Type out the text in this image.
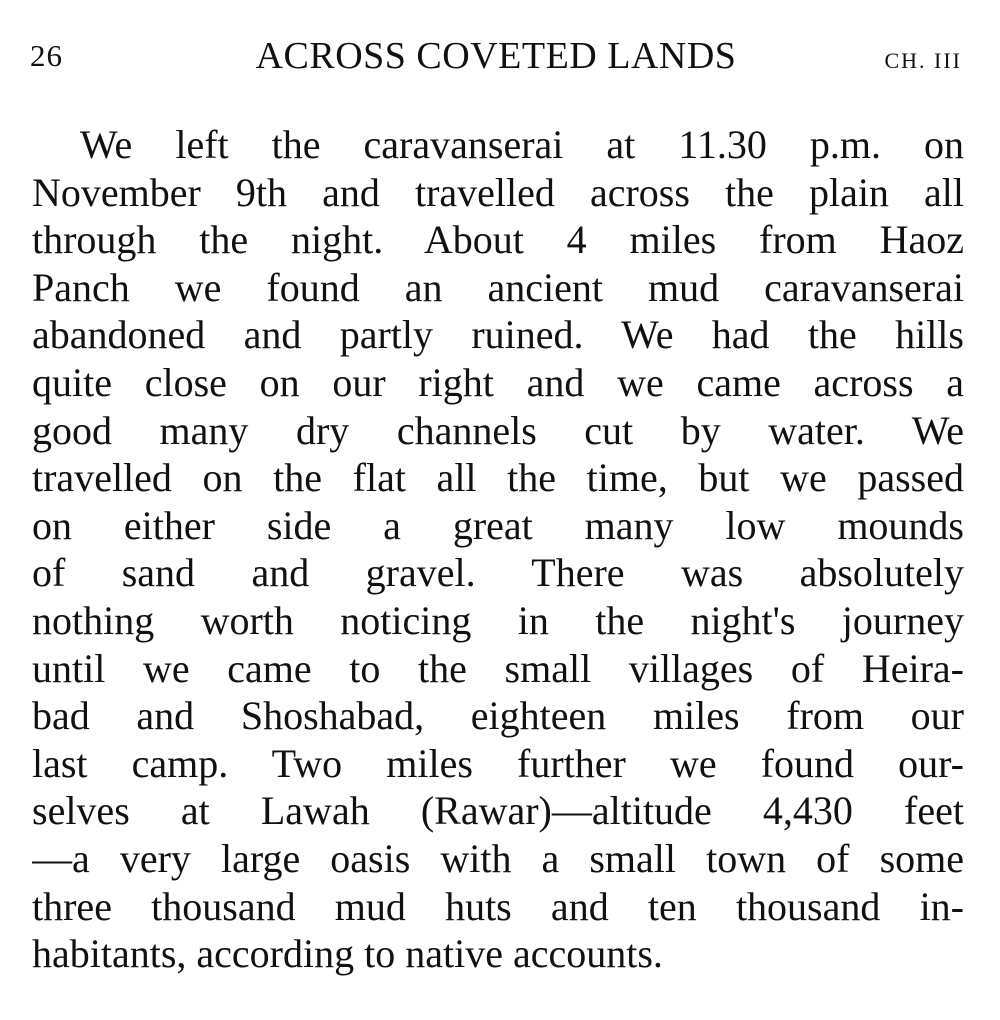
26	ACROSS COVETED LANDS	CH. III
We left the caravanserai at 11.30 p.m. on
November 9th and travelled across the plain all
through the night. About 4 miles from Haoz
Panch we found an ancient mud caravanserai
abandoned and partly ruined. We had the hills
quite close on our right and we came across a
good many dry channels cut by water. We
travelled on the flat all the time, but we passed
on either side a great many low mounds
of sand and gravel. There was absolutely
nothing worth noticing in the night's journey
until we came to the small villages of Heira-
bad and Shoshabad, eighteen miles from our
last camp. Two miles further we found our-
selves at Lawah (Rawar)—altitude 4,430 feet
—a very large oasis with a small town of some
three thousand mud huts and ten thousand in-
habitants, according to native accounts.
